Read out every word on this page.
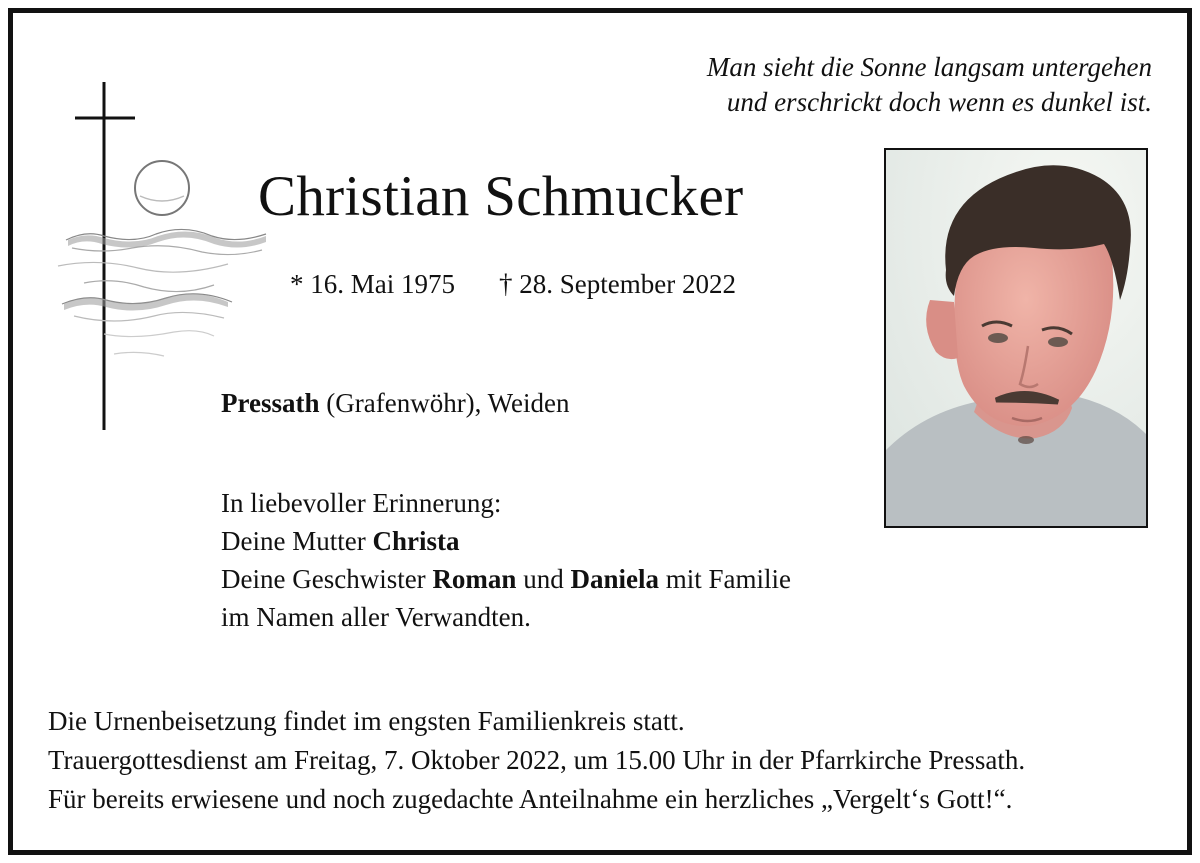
Man sieht die Sonne langsam untergehen
und erschrickt doch wenn es dunkel ist.
Christian Schmucker
* 16. Mai 1975 † 28. September 2022
Pressath (Grafenwöhr), Weiden
In liebevoller Erinnerung:
Deine Mutter Christa
Deine Geschwister Roman und Daniela mit Familie
im Namen aller Verwandten.
Die Urnenbeisetzung findet im engsten Familienkreis statt.
Trauergottesdienst am Freitag, 7. Oktober 2022, um 15.00 Uhr in der Pfarrkirche Pressath.
Für bereits erwiesene und noch zugedachte Anteilnahme ein herzliches „Vergelt‘s Gott!“.
